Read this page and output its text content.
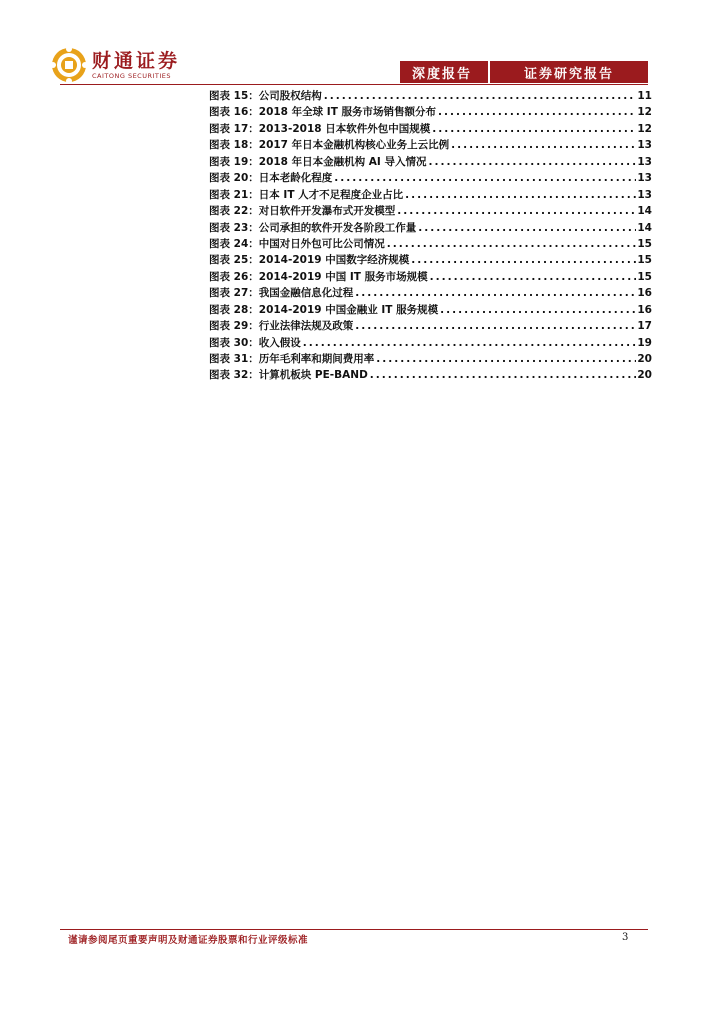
财通证券
CAITONG SECURITIES	深度报告	证券研究报告
图表 15：公司股权结构 .....	11
图表 16：2018 年全球 IT 服务市场销售额分布 .....	12
图表 17：2013-2018 日本软件外包中国规模 .....	12
图表 18：2017 年日本金融机构核心业务上云比例 .....	13
图表 19：2018 年日本金融机构 AI 导入情况 .....	13
图表 20：日本老龄化程度 .....	13
图表 21：日本 IT 人才不足程度企业占比 .....	13
图表 22：对日软件开发瀑布式开发模型 .....	14
图表 23：公司承担的软件开发各阶段工作量 .....	14
图表 24：中国对日外包可比公司情况 .....	15
图表 25：2014-2019 中国数字经济规模 .....	15
图表 26：2014-2019 中国 IT 服务市场规模 .....	15
图表 27：我国金融信息化过程 .....	16
图表 28：2014-2019 中国金融业 IT 服务规模 .....	16
图表 29：行业法律法规及政策 .....	17
图表 30：收入假设 .....	19
图表 31：历年毛利率和期间费用率 .....	20
图表 32：计算机板块 PE-BAND .....	20
谨请参阅尾页重要声明及财通证券股票和行业评级标准	3
